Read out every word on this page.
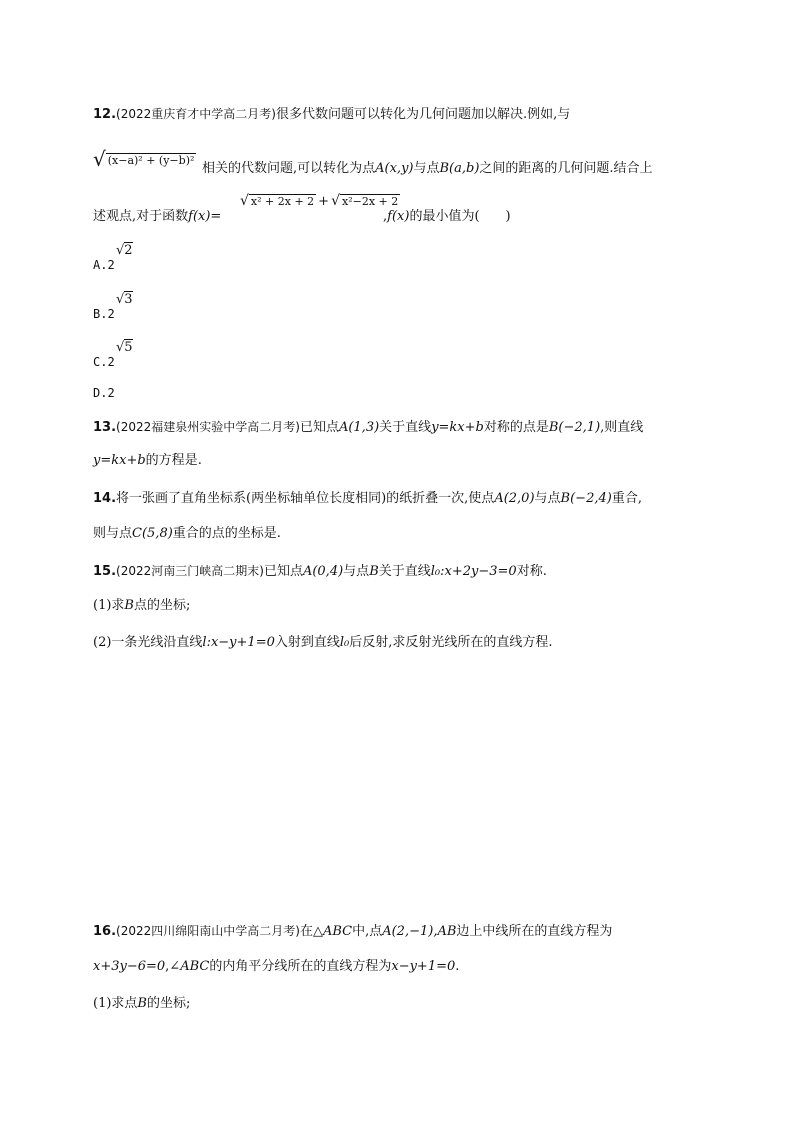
12.(2022重庆育才中学高二月考)很多代数问题可以转化为几何问题加以解决.例如,与
√ (x−a)² + (y−b)²
相关的代数问题,可以转化为点A(x,y)与点B(a,b)之间的距离的几何问题.结合上
述观点,对于函数f(x)=
√ x² + 2x + 2 + √ x²−2x + 2
,f(x)的最小值为(　　)
A.2
√2
B.2
√3
C.2
√5
D.2
13.(2022福建泉州实验中学高二月考)已知点A(1,3)关于直线y=kx+b对称的点是B(−2,1),则直线
y=kx+b的方程是.
14.将一张画了直角坐标系(两坐标轴单位长度相同)的纸折叠一次,使点A(2,0)与点B(−2,4)重合,
则与点C(5,8)重合的点的坐标是.
15.(2022河南三门峡高二期末)已知点A(0,4)与点B关于直线l₀:x+2y−3=0对称.
(1)求B点的坐标;
(2)一条光线沿直线l:x−y+1=0入射到直线l₀后反射,求反射光线所在的直线方程.
16.(2022四川绵阳南山中学高二月考)在△ABC中,点A(2,−1),AB边上中线所在的直线方程为
x+3y−6=0,∠ABC的内角平分线所在的直线方程为x−y+1=0.
(1)求点B的坐标;
